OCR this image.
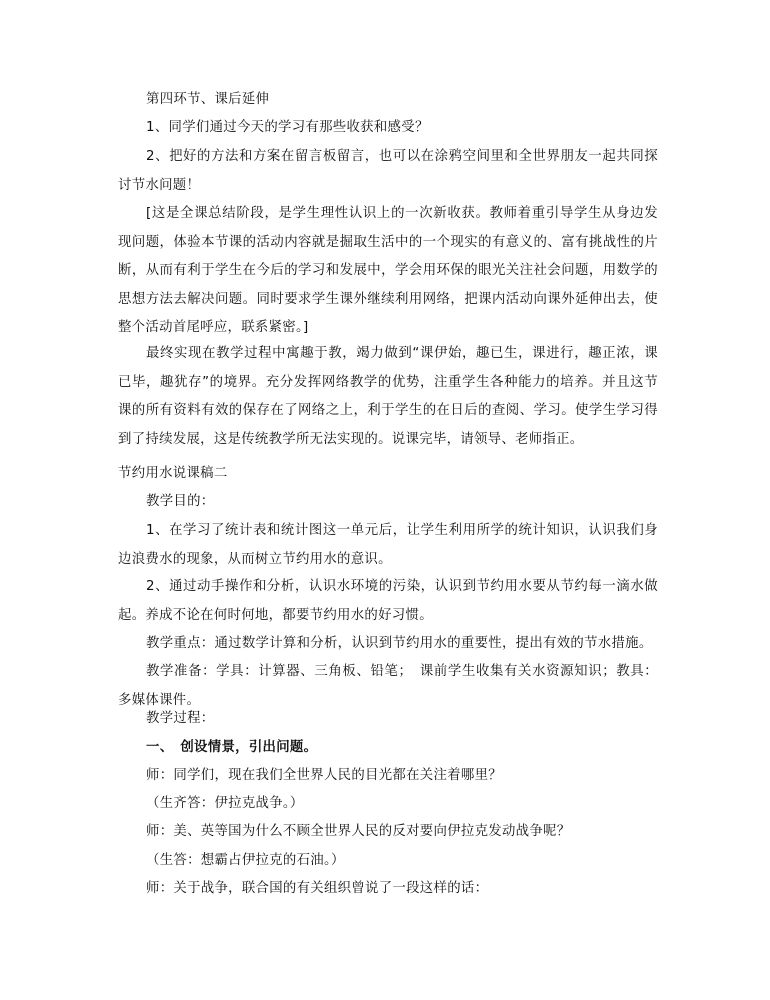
第四环节、课后延伸

1、同学们通过今天的学习有那些收获和感受？

2、把好的方法和方案在留言板留言，也可以在涂鸦空间里和全世界朋友一起共同探讨节水问题！

[这是全课总结阶段，是学生理性认识上的一次新收获。教师着重引导学生从身边发现问题，体验本节课的活动内容就是掘取生活中的一个现实的有意义的、富有挑战性的片断，从而有利于学生在今后的学习和发展中，学会用环保的眼光关注社会问题，用数学的思想方法去解决问题。同时要求学生课外继续利用网络，把课内活动向课外延伸出去，使整个活动首尾呼应，联系紧密。]

最终实现在教学过程中寓趣于教，竭力做到“课伊始，趣已生，课进行，趣正浓，课已毕，趣犹存”的境界。充分发挥网络教学的优势，注重学生各种能力的培养。并且这节课的所有资料有效的保存在了网络之上，利于学生的在日后的查阅、学习。使学生学习得到了持续发展，这是传统教学所无法实现的。说课完毕，请领导、老师指正。

节约用水说课稿二

教学目的：

1、在学习了统计表和统计图这一单元后，让学生利用所学的统计知识，认识我们身边浪费水的现象，从而树立节约用水的意识。

2、通过动手操作和分析，认识水环境的污染，认识到节约用水要从节约每一滴水做起。养成不论在何时何地，都要节约用水的好习惯。

教学重点：通过数学计算和分析，认识到节约用水的重要性，提出有效的节水措施。

教学准备：学具：计算器、三角板、铅笔；　课前学生收集有关水资源知识；教具：多媒体课件。

教学过程：

一、　创设情景，引出问题。

师：同学们，现在我们全世界人民的目光都在关注着哪里？

（生齐答：伊拉克战争。）

师：美、英等国为什么不顾全世界人民的反对要向伊拉克发动战争呢？

（生答：想霸占伊拉克的石油。）

师：关于战争，联合国的有关组织曾说了一段这样的话：
